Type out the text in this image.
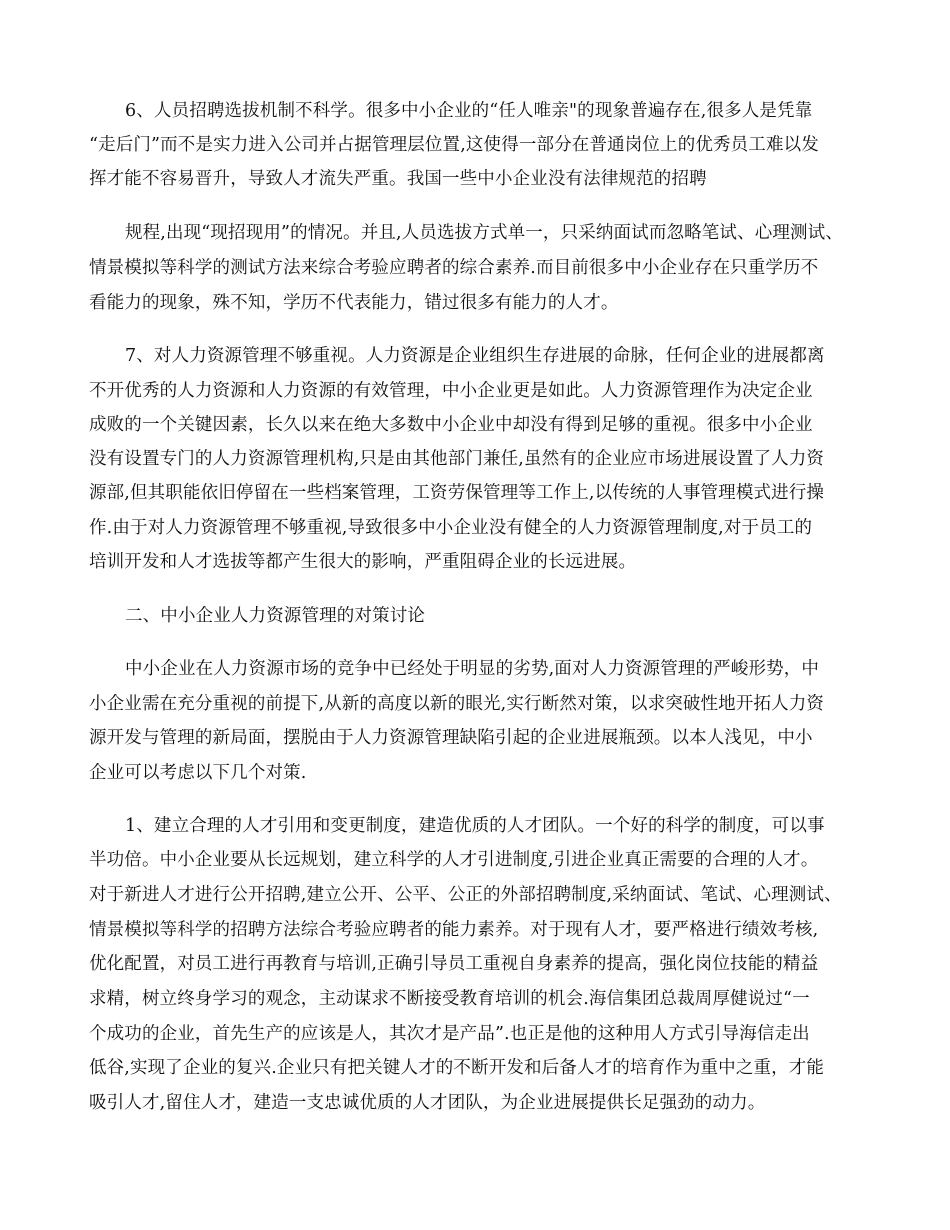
6、人员招聘选拔机制不科学。很多中小企业的“任人唯亲"的现象普遍存在,很多人是凭靠
“走后门”而不是实力进入公司并占据管理层位置,这使得一部分在普通岗位上的优秀员工难以发
挥才能不容易晋升，导致人才流失严重。我国一些中小企业没有法律规范的招聘
规程,出现“现招现用”的情况。并且,人员选拔方式单一，只采纳面试而忽略笔试、心理测试、
情景模拟等科学的测试方法来综合考验应聘者的综合素养.而目前很多中小企业存在只重学历不
看能力的现象，殊不知，学历不代表能力，错过很多有能力的人才。
7、对人力资源管理不够重视。人力资源是企业组织生存进展的命脉，任何企业的进展都离
不开优秀的人力资源和人力资源的有效管理，中小企业更是如此。人力资源管理作为决定企业
成败的一个关键因素，长久以来在绝大多数中小企业中却没有得到足够的重视。很多中小企业
没有设置专门的人力资源管理机构,只是由其他部门兼任,虽然有的企业应市场进展设置了人力资
源部,但其职能依旧停留在一些档案管理，工资劳保管理等工作上,以传统的人事管理模式进行操
作.由于对人力资源管理不够重视,导致很多中小企业没有健全的人力资源管理制度,对于员工的
培训开发和人才选拔等都产生很大的影响，严重阻碍企业的长远进展。
二、中小企业人力资源管理的对策讨论
中小企业在人力资源市场的竞争中已经处于明显的劣势,面对人力资源管理的严峻形势，中
小企业需在充分重视的前提下,从新的高度以新的眼光,实行断然对策，以求突破性地开拓人力资
源开发与管理的新局面，摆脱由于人力资源管理缺陷引起的企业进展瓶颈。以本人浅见，中小
企业可以考虑以下几个对策.
1、建立合理的人才引用和变更制度，建造优质的人才团队。一个好的科学的制度，可以事
半功倍。中小企业要从长远规划，建立科学的人才引进制度,引进企业真正需要的合理的人才。
对于新进人才进行公开招聘,建立公开、公平、公正的外部招聘制度,采纳面试、笔试、心理测试、
情景模拟等科学的招聘方法综合考验应聘者的能力素养。对于现有人才，要严格进行绩效考核,
优化配置，对员工进行再教育与培训,正确引导员工重视自身素养的提高，强化岗位技能的精益
求精，树立终身学习的观念，主动谋求不断接受教育培训的机会.海信集团总裁周厚健说过“一
个成功的企业，首先生产的应该是人，其次才是产品”.也正是他的这种用人方式引导海信走出
低谷,实现了企业的复兴.企业只有把关键人才的不断开发和后备人才的培育作为重中之重，才能
吸引人才,留住人才，建造一支忠诚优质的人才团队，为企业进展提供长足强劲的动力。
